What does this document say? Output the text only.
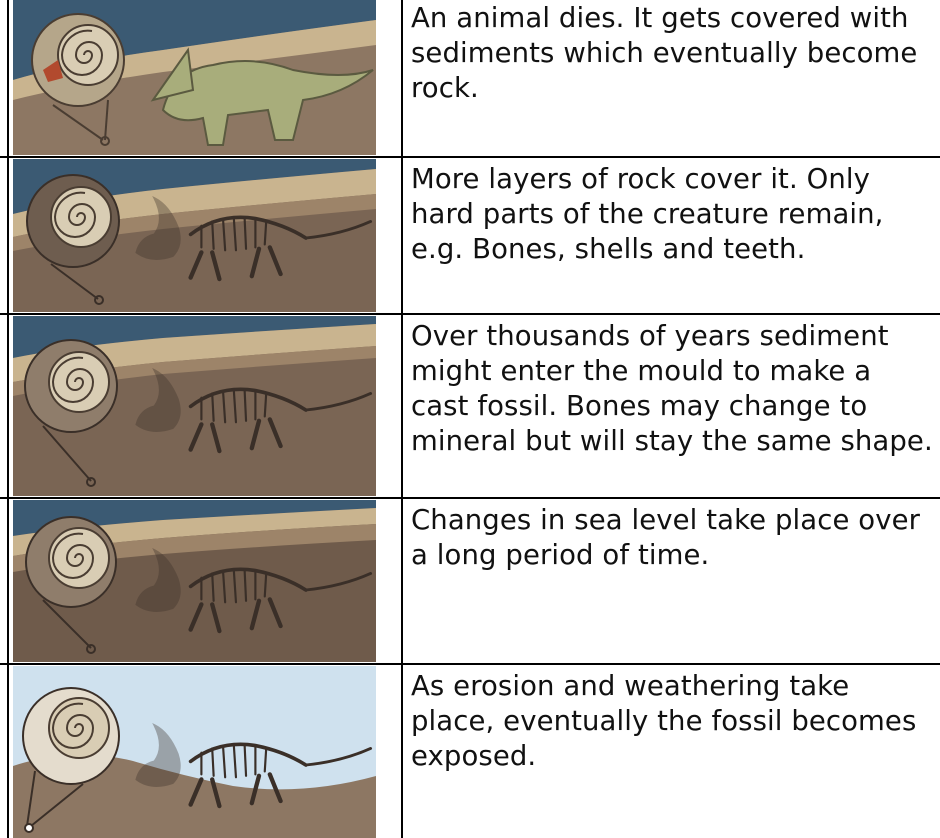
An animal dies. It gets covered with sediments which eventually become rock.
More layers of rock cover it. Only hard parts of the creature remain, e.g. Bones, shells and teeth.
Over thousands of years sediment might enter the mould to make a cast fossil. Bones may change to mineral but will stay the same shape.
Changes in sea level take place over a long period of time.
As erosion and weathering take place, eventually the fossil becomes exposed.
